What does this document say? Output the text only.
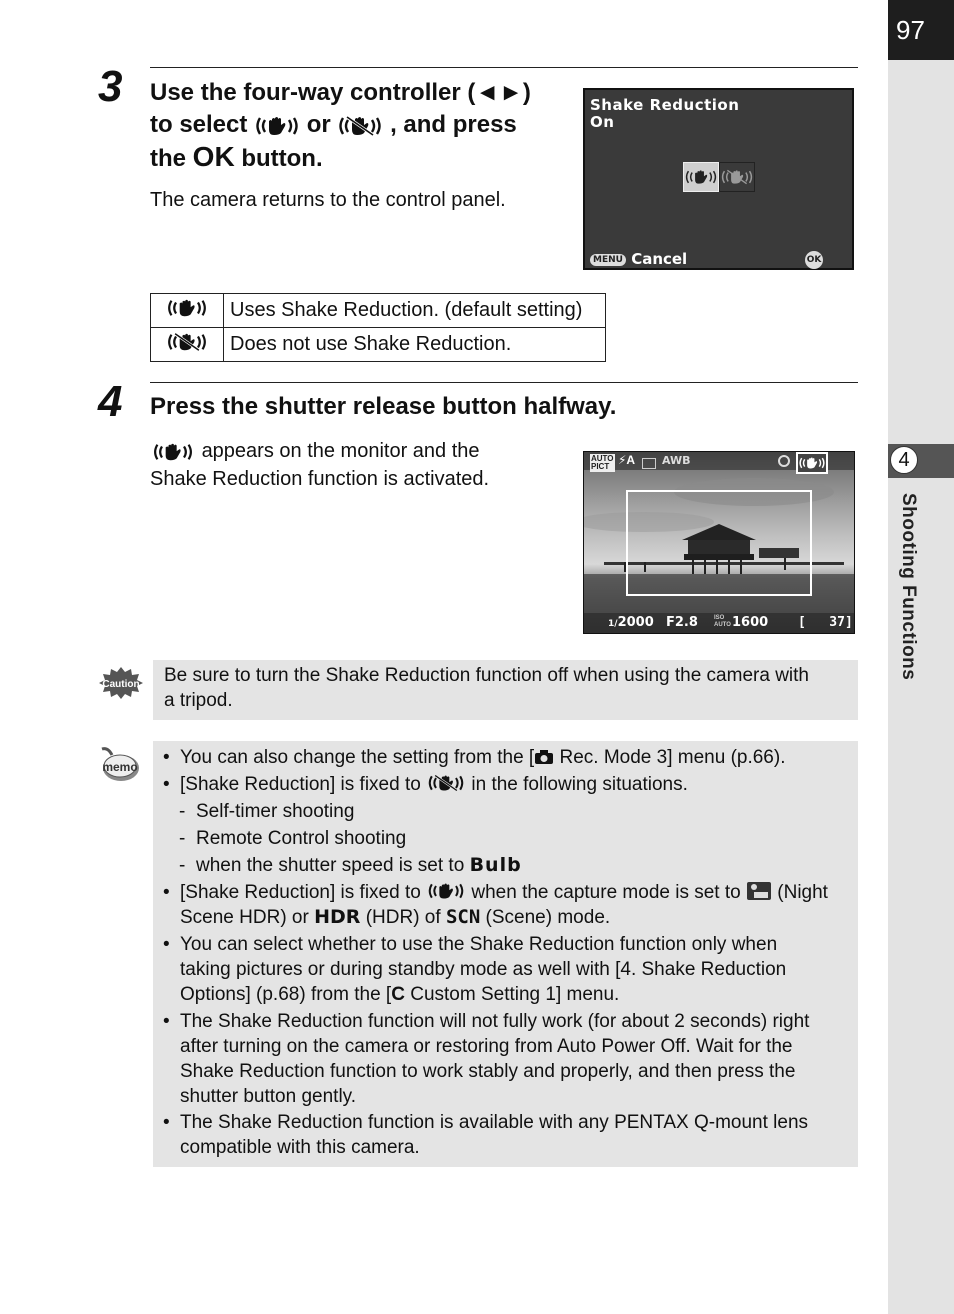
97
4
Shooting Functions
3 Use the four-way controller (◄►)
to select or , and press
the OK button.
The camera returns to the control panel.
Shake Reduction
On
MENU Cancel	OK OK
	Uses Shake Reduction. (default setting)
	Does not use Shake Reduction.
4 Press the shutter release button halfway.
appears on the monitor and the
Shake Reduction function is activated.
AUTO
PICT ⚡A AWB
1/2000 F2.8	ISO
AUTO 1600 [   37]
Caution Be sure to turn the Shake Reduction function off when using the camera with
a tripod.
memo • You can also change the setting from the [ Rec. Mode 3] menu (p.66).
• [Shake Reduction] is fixed to	in the following situations.
- Self-timer shooting
- Remote Control shooting
- when the shutter speed is set to Bulb
• [Shake Reduction] is fixed to	when the capture mode is set to (Night
Scene HDR) or HDR (HDR) of SCN (Scene) mode.
• You can select whether to use the Shake Reduction function only when
taking pictures or during standby mode as well with [4. Shake Reduction
Options] (p.68) from the [C Custom Setting 1] menu.
• The Shake Reduction function will not fully work (for about 2 seconds) right
after turning on the camera or restoring from Auto Power Off. Wait for the
Shake Reduction function to work stably and properly, and then press the
shutter button gently.
• The Shake Reduction function is available with any PENTAX Q-mount lens
compatible with this camera.
